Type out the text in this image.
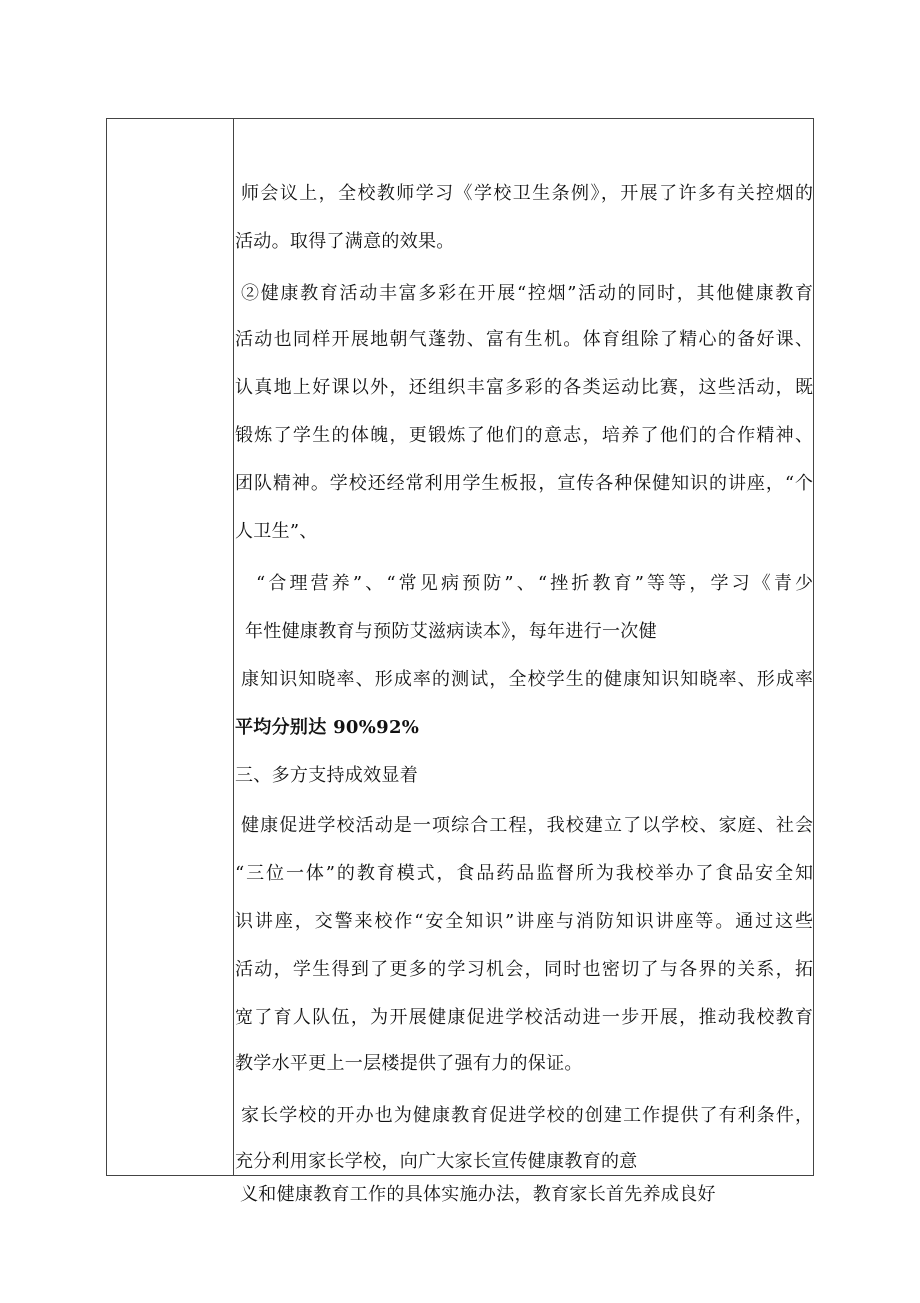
师会议上，全校教师学习《学校卫生条例》，开展了许多有关控烟的
活动。取得了满意的效果。
②健康教育活动丰富多彩在开展“控烟”活动的同时，其他健康教育
活动也同样开展地朝气蓬勃、富有生机。体育组除了精心的备好课、
认真地上好课以外，还组织丰富多彩的各类运动比赛，这些活动，既
锻炼了学生的体魄，更锻炼了他们的意志，培养了他们的合作精神、
团队精神。学校还经常利用学生板报，宣传各种保健知识的讲座，“个
人卫生”、
“合理营养”、“常见病预防”、“挫折教育”等等，学习《青少
年性健康教育与预防艾滋病读本》，每年进行一次健
康知识知晓率、形成率的测试，全校学生的健康知识知晓率、形成率
平均分别达 90%92%
三、多方支持成效显着
健康促进学校活动是一项综合工程，我校建立了以学校、家庭、社会
“三位一体”的教育模式，食品药品监督所为我校举办了食品安全知
识讲座，交警来校作“安全知识”讲座与消防知识讲座等。通过这些
活动，学生得到了更多的学习机会，同时也密切了与各界的关系，拓
宽了育人队伍，为开展健康促进学校活动进一步开展，推动我校教育
教学水平更上一层楼提供了强有力的保证。
家长学校的开办也为健康教育促进学校的创建工作提供了有利条件，
充分利用家长学校，向广大家长宣传健康教育的意
义和健康教育工作的具体实施办法，教育家长首先养成良好
